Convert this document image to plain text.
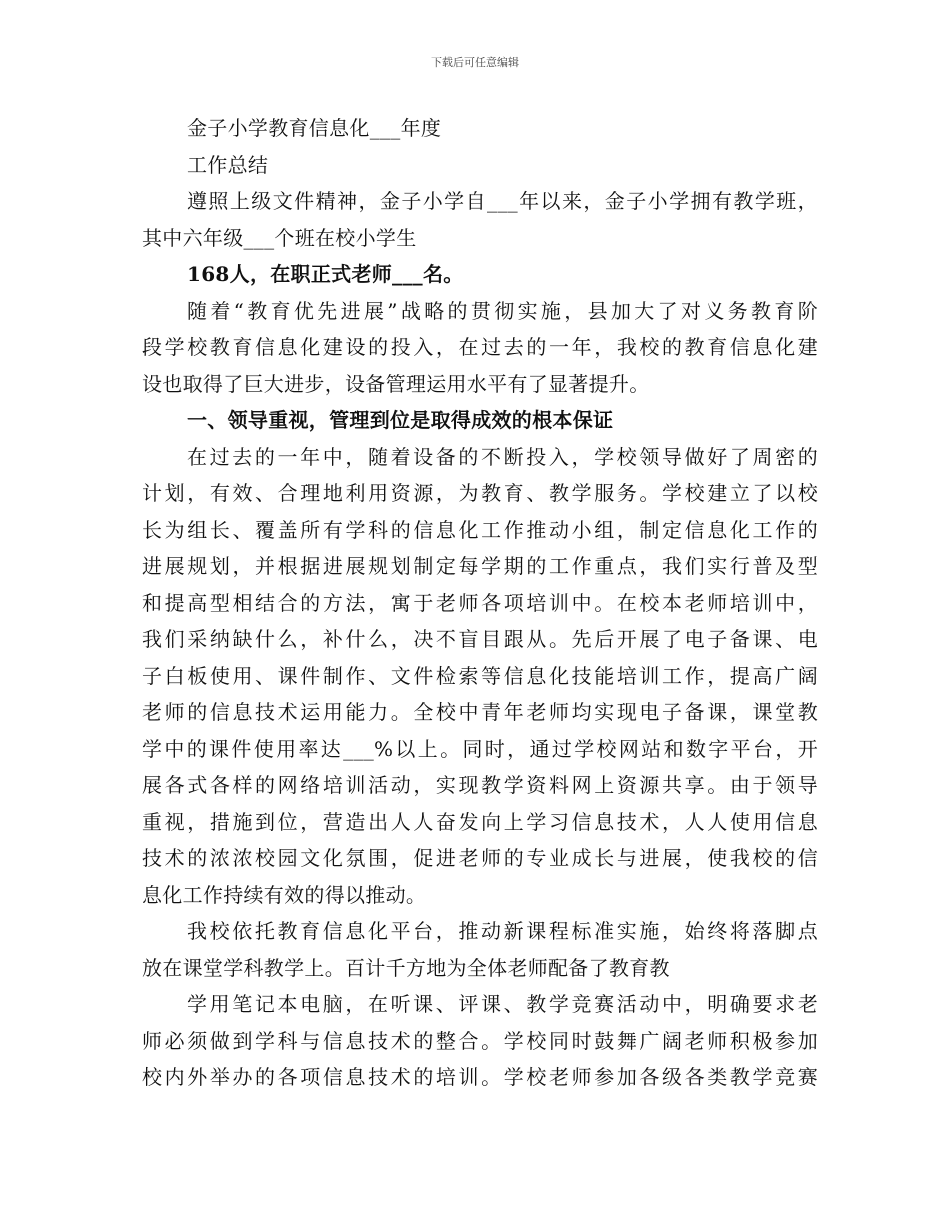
下载后可任意编辑
金子小学教育信息化___年度
工作总结
遵照上级文件精神，金子小学自___年以来，金子小学拥有教学班，
其中六年级___个班在校小学生
168人，在职正式老师___名。
随着“教育优先进展”战略的贯彻实施，县加大了对义务教育阶
段学校教育信息化建设的投入，在过去的一年，我校的教育信息化建
设也取得了巨大进步，设备管理运用水平有了显著提升。
一、领导重视，管理到位是取得成效的根本保证
在过去的一年中，随着设备的不断投入，学校领导做好了周密的
计划，有效、合理地利用资源，为教育、教学服务。学校建立了以校
长为组长、覆盖所有学科的信息化工作推动小组，制定信息化工作的
进展规划，并根据进展规划制定每学期的工作重点，我们实行普及型
和提高型相结合的方法，寓于老师各项培训中。在校本老师培训中，
我们采纳缺什么，补什么，决不盲目跟从。先后开展了电子备课、电
子白板使用、课件制作、文件检索等信息化技能培训工作，提高广阔
老师的信息技术运用能力。全校中青年老师均实现电子备课，课堂教
学中的课件使用率达___%以上。同时，通过学校网站和数字平台，开
展各式各样的网络培训活动，实现教学资料网上资源共享。由于领导
重视，措施到位，营造出人人奋发向上学习信息技术，人人使用信息
技术的浓浓校园文化氛围，促进老师的专业成长与进展，使我校的信
息化工作持续有效的得以推动。
我校依托教育信息化平台，推动新课程标准实施，始终将落脚点
放在课堂学科教学上。百计千方地为全体老师配备了教育教
学用笔记本电脑，在听课、评课、教学竞赛活动中，明确要求老
师必须做到学科与信息技术的整合。学校同时鼓舞广阔老师积极参加
校内外举办的各项信息技术的培训。学校老师参加各级各类教学竞赛
